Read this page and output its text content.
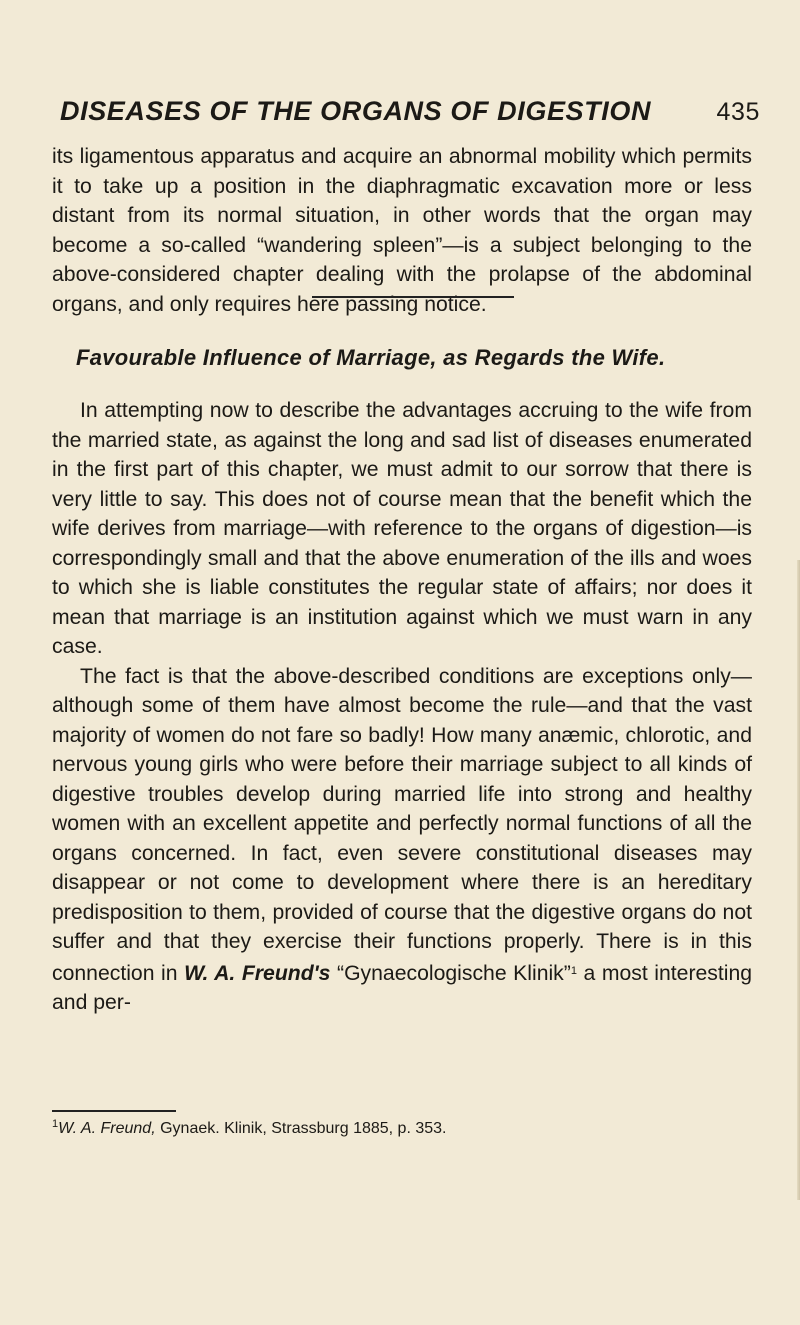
DISEASES OF THE ORGANS OF DIGESTION	435

its ligamentous apparatus and acquire an abnormal mobility which permits it to take up a position in the diaphragmatic excavation more or less distant from its normal situation, in other words that the organ may become a so-called “wandering spleen”—is a subject belonging to the above-considered chapter dealing with the prolapse of the abdominal organs, and only requires here passing notice.

Favourable Influence of Marriage, as Regards the Wife.

In attempting now to describe the advantages accruing to the wife from the married state, as against the long and sad list of diseases enumerated in the first part of this chapter, we must admit to our sorrow that there is very little to say. This does not of course mean that the benefit which the wife derives from marriage—with reference to the organs of digestion—is correspondingly small and that the above enumeration of the ills and woes to which she is liable constitutes the regular state of affairs; nor does it mean that marriage is an institution against which we must warn in any case.

The fact is that the above-described conditions are exceptions only—although some of them have almost become the rule—and that the vast majority of women do not fare so badly! How many anæmic, chlorotic, and nervous young girls who were before their marriage subject to all kinds of digestive troubles develop during married life into strong and healthy women with an excellent appetite and perfectly normal functions of all the organs concerned. In fact, even severe constitutional diseases may disappear or not come to development where there is an hereditary predisposition to them, provided of course that the digestive organs do not suffer and that they exercise their functions properly. There is in this connection in W. A. Freund's “Gynaecologische Klinik”$^1$ a most interesting and per-

$^1$W. A. Freund, Gynaek. Klinik, Strassburg 1885, p. 353.
